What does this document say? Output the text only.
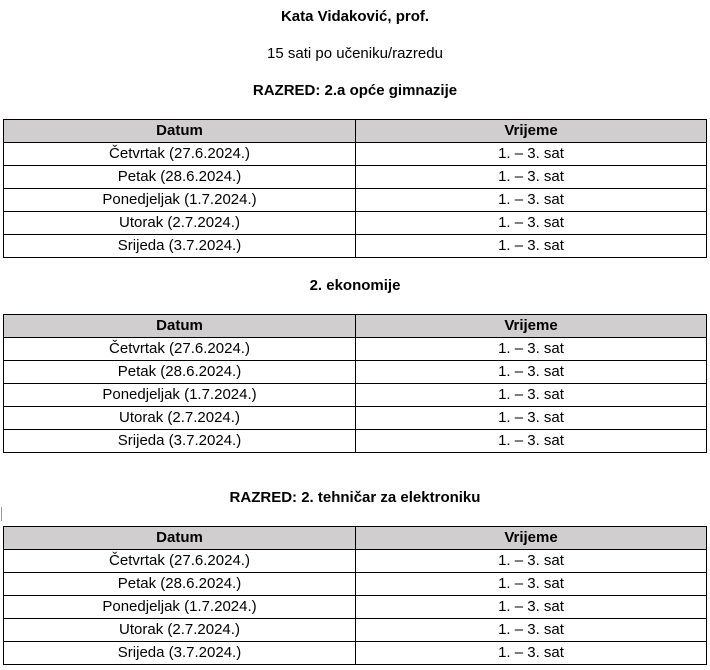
Kata Vidaković, prof.
15 sati po učeniku/razredu
RAZRED: 2.a opće gimnazije
Datum	Vrijeme
Četvrtak (27.6.2024.)	1. – 3. sat
Petak (28.6.2024.)	1. – 3. sat
Ponedjeljak (1.7.2024.)	1. – 3. sat
Utorak (2.7.2024.)	1. – 3. sat
Srijeda (3.7.2024.)	1. – 3. sat
2. ekonomije
Datum	Vrijeme
Četvrtak (27.6.2024.)	1. – 3. sat
Petak (28.6.2024.)	1. – 3. sat
Ponedjeljak (1.7.2024.)	1. – 3. sat
Utorak (2.7.2024.)	1. – 3. sat
Srijeda (3.7.2024.)	1. – 3. sat
RAZRED: 2. tehničar za elektroniku
Datum	Vrijeme
Četvrtak (27.6.2024.)	1. – 3. sat
Petak (28.6.2024.)	1. – 3. sat
Ponedjeljak (1.7.2024.)	1. – 3. sat
Utorak (2.7.2024.)	1. – 3. sat
Srijeda (3.7.2024.)	1. – 3. sat
